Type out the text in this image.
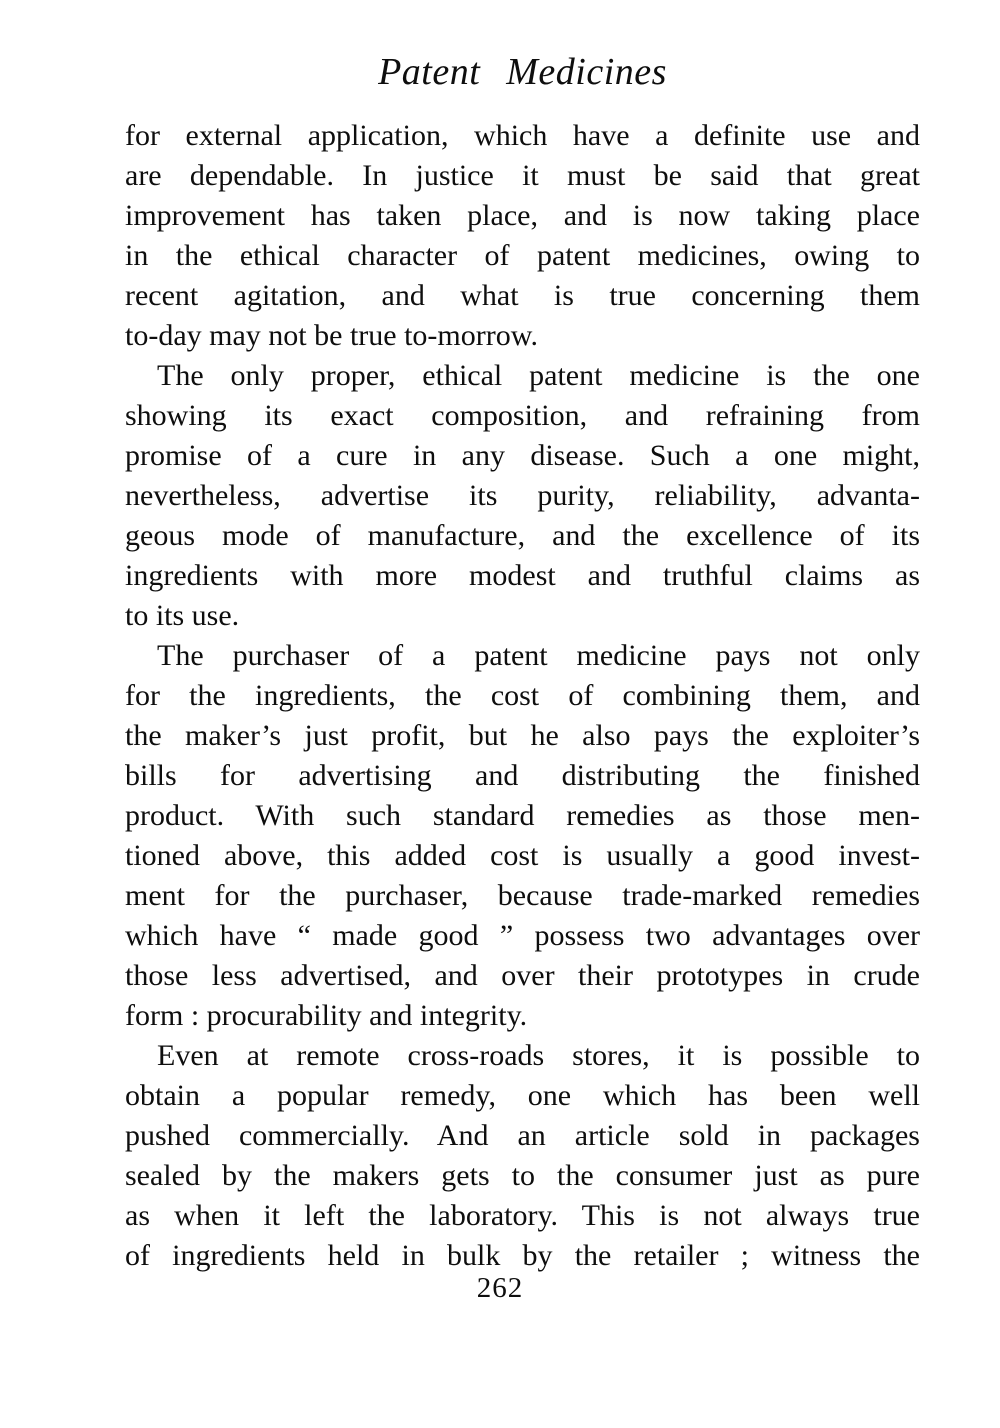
Patent Medicines
for external application, which have a definite use and
are dependable. In justice it must be said that great
improvement has taken place, and is now taking place
in the ethical character of patent medicines, owing to
recent agitation, and what is true concerning them
to-day may not be true to-morrow.
The only proper, ethical patent medicine is the one
showing its exact composition, and refraining from
promise of a cure in any disease. Such a one might,
nevertheless, advertise its purity, reliability, advanta-
geous mode of manufacture, and the excellence of its
ingredients with more modest and truthful claims as
to its use.
The purchaser of a patent medicine pays not only
for the ingredients, the cost of combining them, and
the maker’s just profit, but he also pays the exploiter’s
bills for advertising and distributing the finished
product. With such standard remedies as those men-
tioned above, this added cost is usually a good invest-
ment for the purchaser, because trade-marked remedies
which have “ made good ” possess two advantages over
those less advertised, and over their prototypes in crude
form : procurability and integrity.
Even at remote cross-roads stores, it is possible to
obtain a popular remedy, one which has been well
pushed commercially. And an article sold in packages
sealed by the makers gets to the consumer just as pure
as when it left the laboratory. This is not always true
of ingredients held in bulk by the retailer ; witness the
262
